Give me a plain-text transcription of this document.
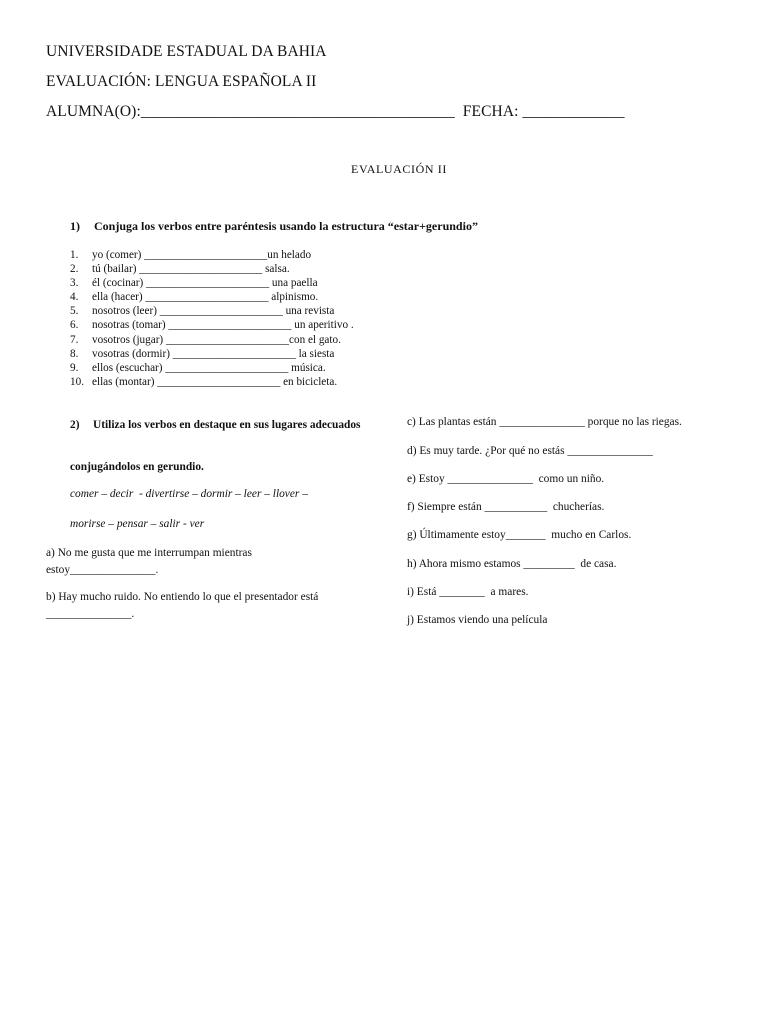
UNIVERSIDADE ESTADUAL DA BAHIA
EVALUACIÓN: LENGUA ESPAÑOLA II
ALUMNA(O):________________________________________  FECHA: _____________
EVALUACIÓN II
1) Conjuga los verbos entre paréntesis usando la estructura “estar+gerundio”
1. yo (comer) ______________________un helado
2. tú (bailar) ______________________ salsa.
3. él (cocinar) ______________________ una paella
4. ella (hacer) ______________________ alpinismo.
5. nosotros (leer) ______________________ una revista
6. nosotras (tomar) ______________________ un aperitivo .
7. vosotros (jugar) ______________________con el gato.
8. vosotras (dormir) ______________________ la siesta
9. ellos (escuchar) ______________________ música.
10. ellas (montar) ______________________ en bicicleta.
2)	Utiliza los verbos en destaque en sus lugares adecuados
conjugándolos en gerundio.
comer – decir  - divertirse – dormir – leer – llover –
morirse – pensar – salir - ver
a) No me gusta que me interrumpan mientras estoy_______________.
b) Hay mucho ruido. No entiendo lo que el presentador está _______________.
c) Las plantas están _______________ porque no las riegas.
d) Es muy tarde. ¿Por qué no estás _______________
e) Estoy _______________  como un niño.
f) Siempre están ___________  chucherías.
g) Últimamente estoy_______  mucho en Carlos.
h) Ahora mismo estamos _________  de casa.
i) Está ________  a mares.
j) Estamos viendo una película
